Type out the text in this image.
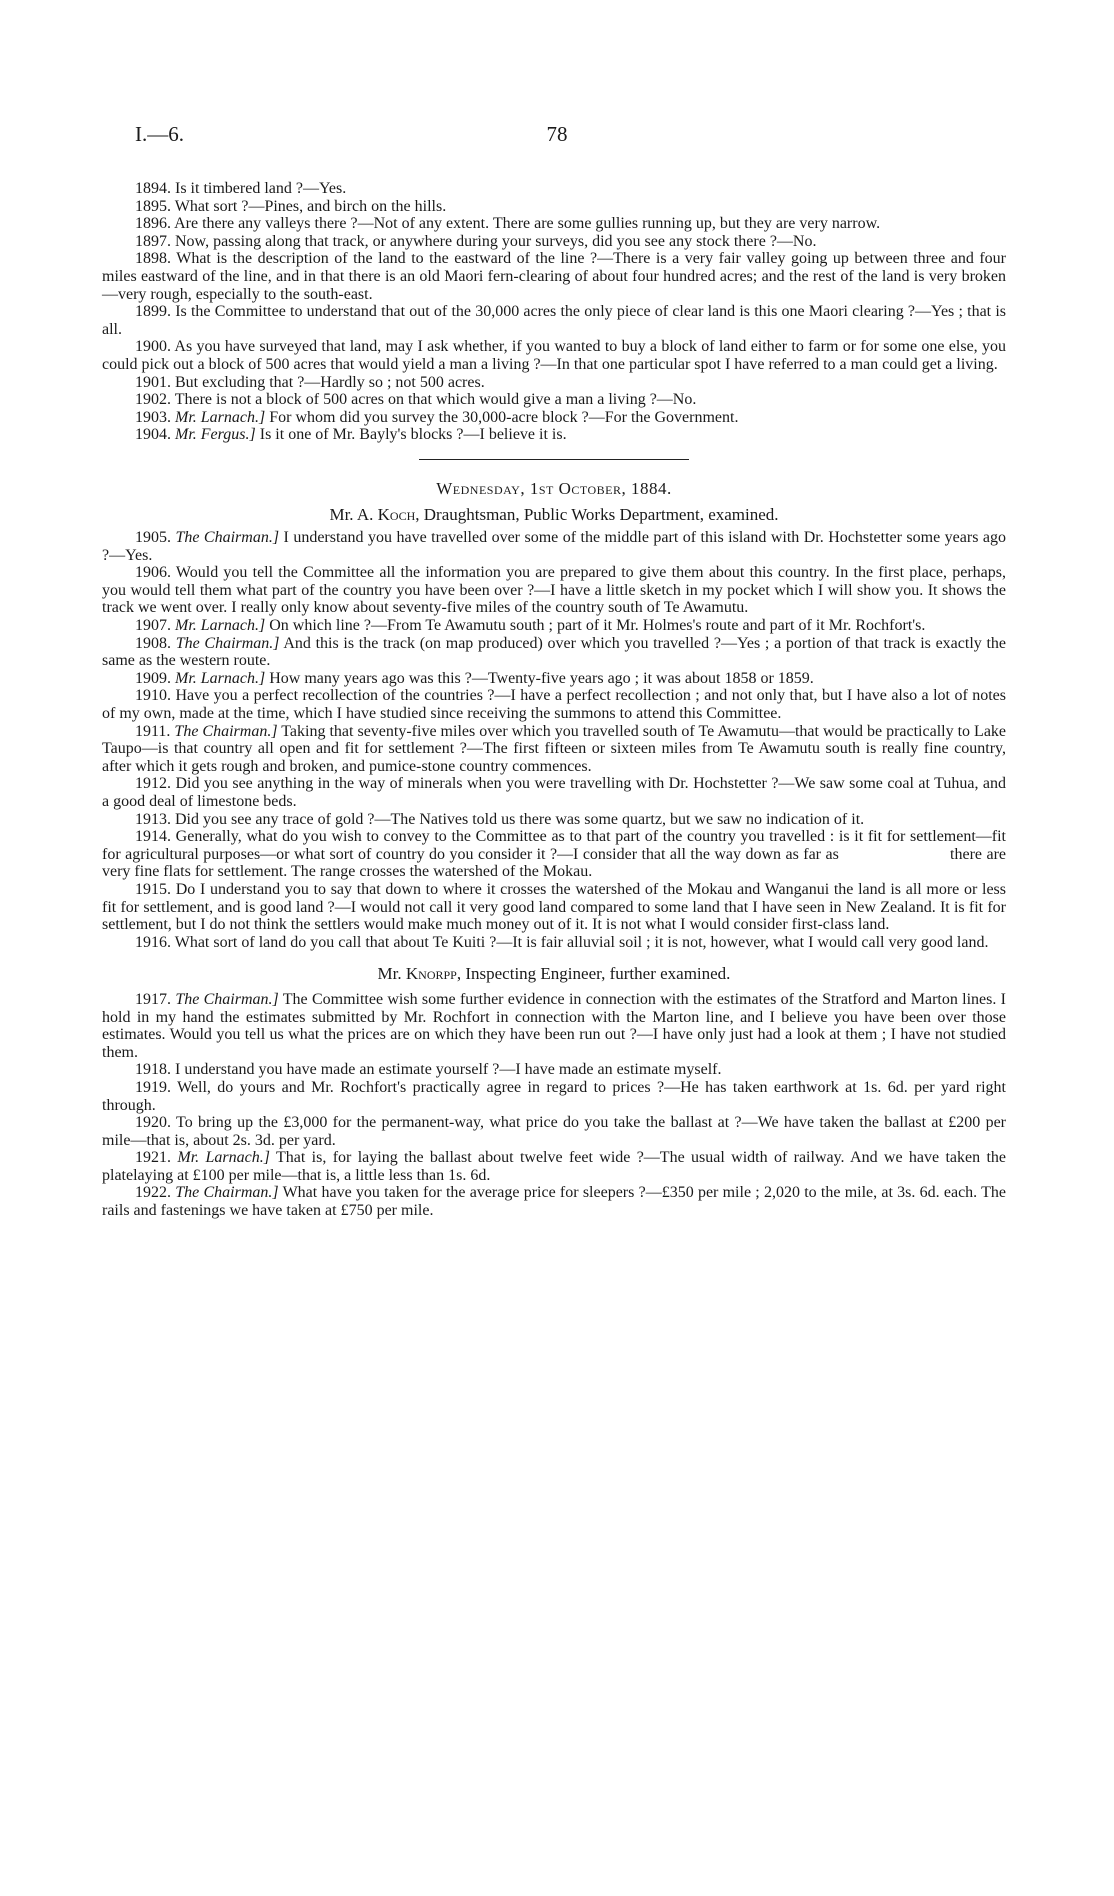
I.—6.	78

1894. Is it timbered land ?—Yes.

1895. What sort ?—Pines, and birch on the hills.

1896. Are there any valleys there ?—Not of any extent. There are some gullies running up, but they are very narrow.

1897. Now, passing along that track, or anywhere during your surveys, did you see any stock there ?—No.

1898. What is the description of the land to the eastward of the line ?—There is a very fair valley going up between three and four miles eastward of the line, and in that there is an old Maori fern-clearing of about four hundred acres; and the rest of the land is very broken—very rough, especially to the south-east.

1899. Is the Committee to understand that out of the 30,000 acres the only piece of clear land is this one Maori clearing ?—Yes ; that is all.

1900. As you have surveyed that land, may I ask whether, if you wanted to buy a block of land either to farm or for some one else, you could pick out a block of 500 acres that would yield a man a living ?—In that one particular spot I have referred to a man could get a living.

1901. But excluding that ?—Hardly so ; not 500 acres.

1902. There is not a block of 500 acres on that which would give a man a living ?—No.

1903. Mr. Larnach.] For whom did you survey the 30,000-acre block ?—For the Government.

1904. Mr. Fergus.] Is it one of Mr. Bayly's blocks ?—I believe it is.

Wednesday, 1st October, 1884.

Mr. A. Koch, Draughtsman, Public Works Department, examined.

1905. The Chairman.] I understand you have travelled over some of the middle part of this island with Dr. Hochstetter some years ago ?—Yes.

1906. Would you tell the Committee all the information you are prepared to give them about this country. In the first place, perhaps, you would tell them what part of the country you have been over ?—I have a little sketch in my pocket which I will show you. It shows the track we went over. I really only know about seventy-five miles of the country south of Te Awamutu.

1907. Mr. Larnach.] On which line ?—From Te Awamutu south ; part of it Mr. Holmes's route and part of it Mr. Rochfort's.

1908. The Chairman.] And this is the track (on map produced) over which you travelled ?—Yes ; a portion of that track is exactly the same as the western route.

1909. Mr. Larnach.] How many years ago was this ?—Twenty-five years ago ; it was about 1858 or 1859.

1910. Have you a perfect recollection of the countries ?—I have a perfect recollection ; and not only that, but I have also a lot of notes of my own, made at the time, which I have studied since receiving the summons to attend this Committee.

1911. The Chairman.] Taking that seventy-five miles over which you travelled south of Te Awamutu—that would be practically to Lake Taupo—is that country all open and fit for settlement ?—The first fifteen or sixteen miles from Te Awamutu south is really fine country, after which it gets rough and broken, and pumice-stone country commences.

1912. Did you see anything in the way of minerals when you were travelling with Dr. Hochstetter ?—We saw some coal at Tuhua, and a good deal of limestone beds.

1913. Did you see any trace of gold ?—The Natives told us there was some quartz, but we saw no indication of it.

1914. Generally, what do you wish to convey to the Committee as to that part of the country you travelled : is it fit for settlement—fit for agricultural purposes—or what sort of country do you consider it ?—I consider that all the way down as far as                         there are very fine flats for settlement. The range crosses the watershed of the Mokau.

1915. Do I understand you to say that down to where it crosses the watershed of the Mokau and Wanganui the land is all more or less fit for settlement, and is good land ?—I would not call it very good land compared to some land that I have seen in New Zealand. It is fit for settlement, but I do not think the settlers would make much money out of it. It is not what I would consider first-class land.

1916. What sort of land do you call that about Te Kuiti ?—It is fair alluvial soil ; it is not, however, what I would call very good land.

Mr. Knorpp, Inspecting Engineer, further examined.

1917. The Chairman.] The Committee wish some further evidence in connection with the estimates of the Stratford and Marton lines. I hold in my hand the estimates submitted by Mr. Rochfort in connection with the Marton line, and I believe you have been over those estimates. Would you tell us what the prices are on which they have been run out ?—I have only just had a look at them ; I have not studied them.

1918. I understand you have made an estimate yourself ?—I have made an estimate myself.

1919. Well, do yours and Mr. Rochfort's practically agree in regard to prices ?—He has taken earthwork at 1s. 6d. per yard right through.

1920. To bring up the £3,000 for the permanent-way, what price do you take the ballast at ?—We have taken the ballast at £200 per mile—that is, about 2s. 3d. per yard.

1921. Mr. Larnach.] That is, for laying the ballast about twelve feet wide ?—The usual width of railway. And we have taken the platelaying at £100 per mile—that is, a little less than 1s. 6d.

1922. The Chairman.] What have you taken for the average price for sleepers ?—£350 per mile ; 2,020 to the mile, at 3s. 6d. each. The rails and fastenings we have taken at £750 per mile.
